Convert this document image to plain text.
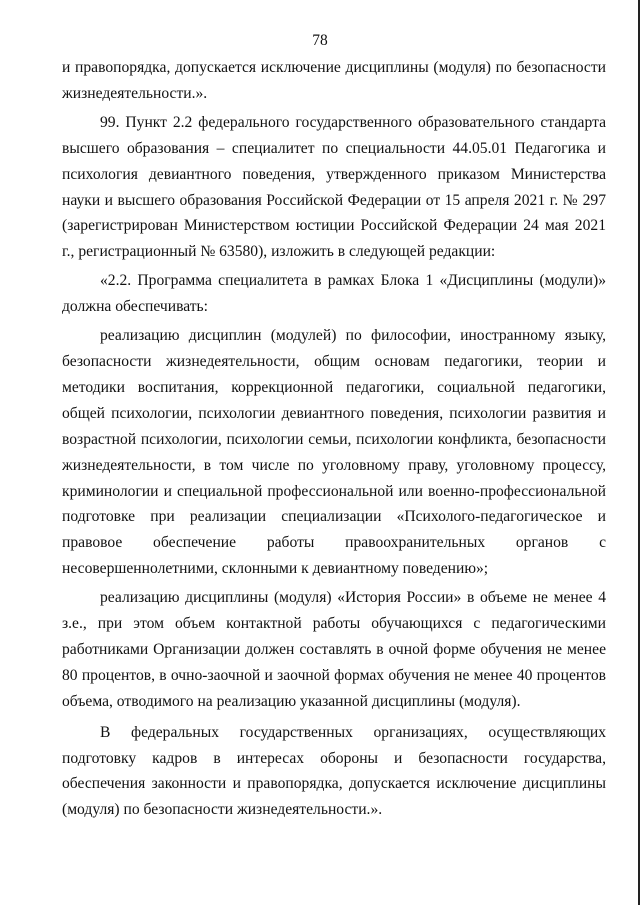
78

и правопорядка, допускается исключение дисциплины (модуля) по безопасности жизнедеятельности.».

99. Пункт 2.2 федерального государственного образовательного стандарта высшего образования – специалитет по специальности 44.05.01 Педагогика и психология девиантного поведения, утвержденного приказом Министерства науки и высшего образования Российской Федерации от 15 апреля 2021 г. № 297 (зарегистрирован Министерством юстиции Российской Федерации 24 мая 2021 г., регистрационный № 63580), изложить в следующей редакции:

«2.2. Программа специалитета в рамках Блока 1 «Дисциплины (модули)» должна обеспечивать:

реализацию дисциплин (модулей) по философии, иностранному языку, безопасности жизнедеятельности, общим основам педагогики, теории и методики воспитания, коррекционной педагогики, социальной педагогики, общей психологии, психологии девиантного поведения, психологии развития и возрастной психологии, психологии семьи, психологии конфликта, безопасности жизнедеятельности, в том числе по уголовному праву, уголовному процессу, криминологии и специальной профессиональной или военно-профессиональной подготовке при реализации специализации «Психолого-педагогическое и правовое обеспечение работы правоохранительных органов с несовершеннолетними, склонными к девиантному поведению»;

реализацию дисциплины (модуля) «История России» в объеме не менее 4 з.е., при этом объем контактной работы обучающихся с педагогическими работниками Организации должен составлять в очной форме обучения не менее 80 процентов, в очно-заочной и заочной формах обучения не менее 40 процентов объема, отводимого на реализацию указанной дисциплины (модуля).

В федеральных государственных организациях, осуществляющих подготовку кадров в интересах обороны и безопасности государства, обеспечения законности и правопорядка, допускается исключение дисциплины (модуля) по безопасности жизнедеятельности.».
